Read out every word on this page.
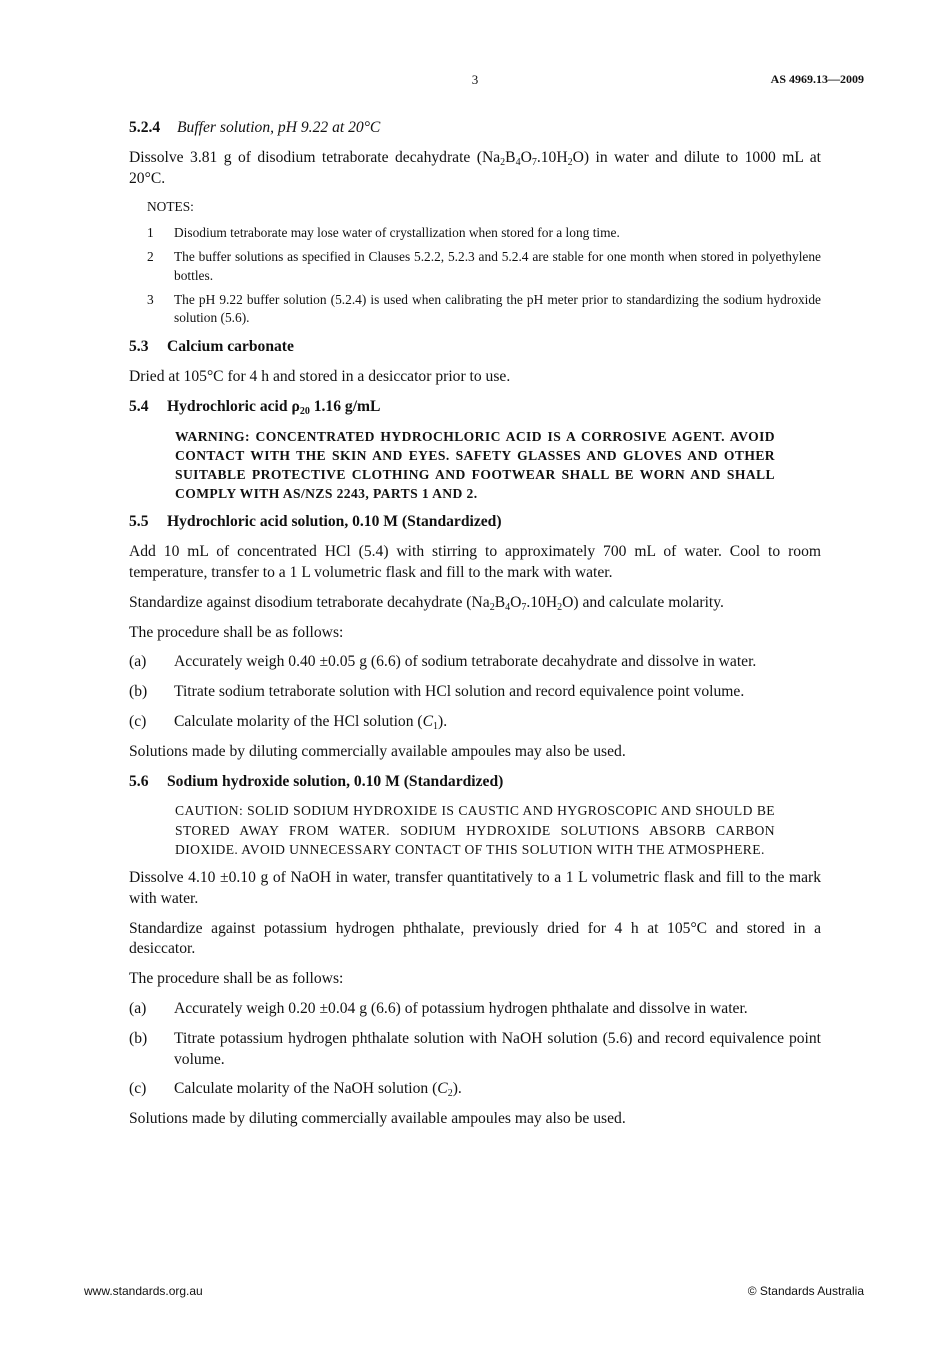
3	AS 4969.13—2009
5.2.4 Buffer solution, pH 9.22 at 20°C

Dissolve 3.81 g of disodium tetraborate decahydrate $(Na_2B_4O_7.10H_2O)$ in water and dilute to 1000 mL at 20°C.

NOTES:
1	Disodium tetraborate may lose water of crystallization when stored for a long time.
2	The buffer solutions as specified in Clauses 5.2.2, 5.2.3 and 5.2.4 are stable for one month when stored in polyethylene bottles.
3	The pH 9.22 buffer solution (5.2.4) is used when calibrating the pH meter prior to standardizing the sodium hydroxide solution (5.6).
5.3 Calcium carbonate

Dried at 105°C for 4 h and stored in a desiccator prior to use.

5.4 Hydrochloric acid $\rho_{20}$ 1.16 g/mL
WARNING: CONCENTRATED HYDROCHLORIC ACID IS A CORROSIVE AGENT. AVOID CONTACT WITH THE SKIN AND EYES. SAFETY GLASSES AND GLOVES AND OTHER SUITABLE PROTECTIVE CLOTHING AND FOOTWEAR SHALL BE WORN AND SHALL COMPLY WITH AS/NZS 2243, PARTS 1 AND 2.
5.5 Hydrochloric acid solution, 0.10 M (Standardized)

Add 10 mL of concentrated HCl (5.4) with stirring to approximately 700 mL of water. Cool to room temperature, transfer to a 1 L volumetric flask and fill to the mark with water.

Standardize against disodium tetraborate decahydrate $(Na_2B_4O_7.10H_2O)$ and calculate molarity.

The procedure shall be as follows:

(a)	Accurately weigh 0.40 ±0.05 g (6.6) of sodium tetraborate decahydrate and dissolve in water.
(b)	Titrate sodium tetraborate solution with HCl solution and record equivalence point volume.
(c)	Calculate molarity of the HCl solution $(C_1)$.

Solutions made by diluting commercially available ampoules may also be used.

5.6 Sodium hydroxide solution, 0.10 M (Standardized)
CAUTION: SOLID SODIUM HYDROXIDE IS CAUSTIC AND HYGROSCOPIC AND SHOULD BE STORED AWAY FROM WATER. SODIUM HYDROXIDE SOLUTIONS ABSORB CARBON DIOXIDE. AVOID UNNECESSARY CONTACT OF THIS SOLUTION WITH THE ATMOSPHERE.

Dissolve 4.10 ±0.10 g of NaOH in water, transfer quantitatively to a 1 L volumetric flask and fill to the mark with water.

Standardize against potassium hydrogen phthalate, previously dried for 4 h at 105°C and stored in a desiccator.

The procedure shall be as follows:

(a)	Accurately weigh 0.20 ±0.04 g (6.6) of potassium hydrogen phthalate and dissolve in water.
(b)	Titrate potassium hydrogen phthalate solution with NaOH solution (5.6) and record equivalence point volume.
(c)	Calculate molarity of the NaOH solution $(C_2)$.

Solutions made by diluting commercially available ampoules may also be used.

www.standards.org.au	© Standards Australia
